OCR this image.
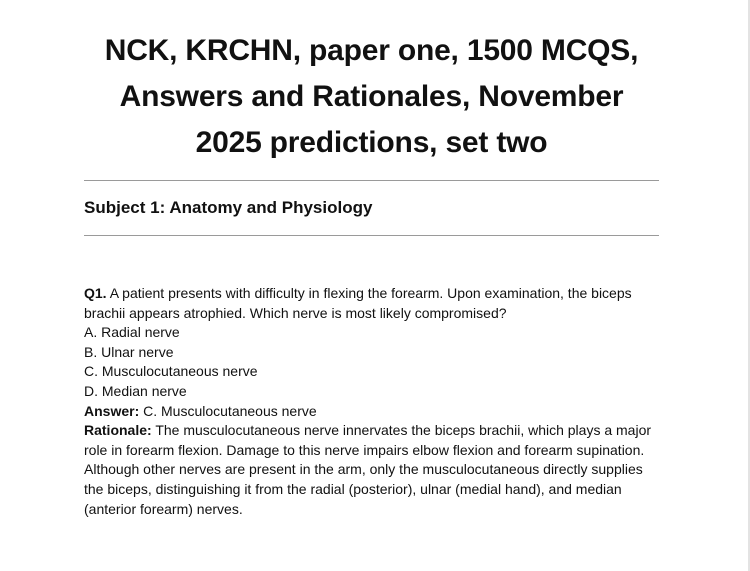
NCK, KRCHN, paper one, 1500 MCQS, Answers and Rationales, November 2025 predictions, set two
Subject 1: Anatomy and Physiology

Q1. A patient presents with difficulty in flexing the forearm. Upon examination, the biceps brachii appears atrophied. Which nerve is most likely compromised?

A. Radial nerve

B. Ulnar nerve

C. Musculocutaneous nerve

D. Median nerve

Answer: C. Musculocutaneous nerve

Rationale: The musculocutaneous nerve innervates the biceps brachii, which plays a major role in forearm flexion. Damage to this nerve impairs elbow flexion and forearm supination. Although other nerves are present in the arm, only the musculocutaneous directly supplies the biceps, distinguishing it from the radial (posterior), ulnar (medial hand), and median (anterior forearm) nerves.
